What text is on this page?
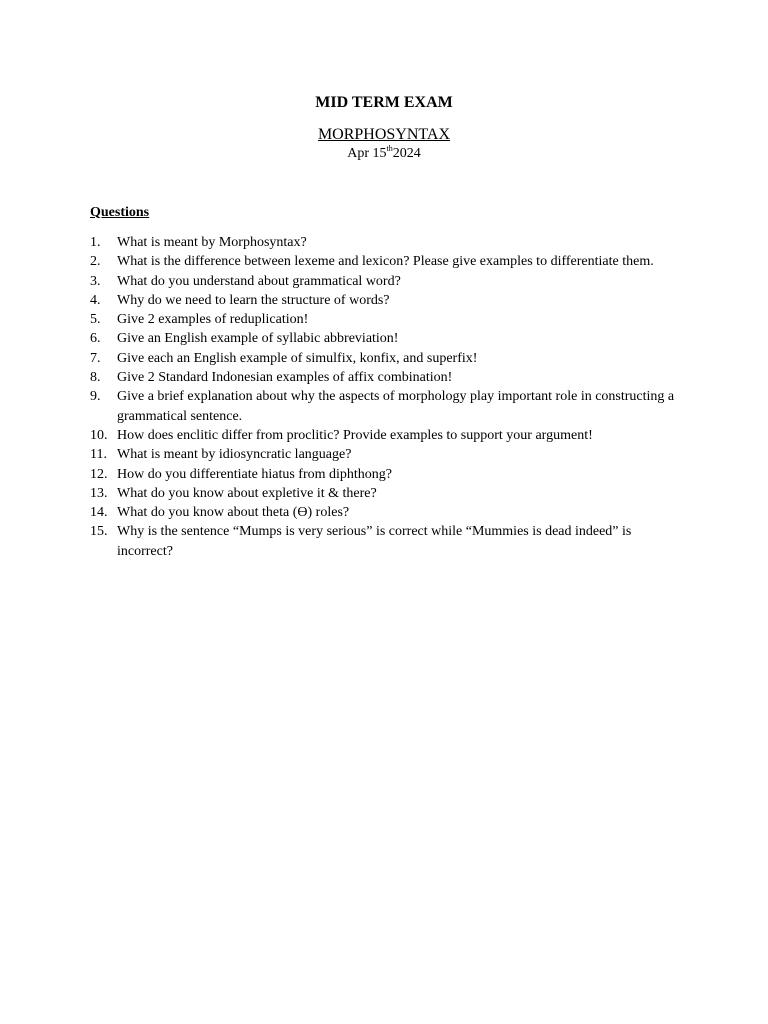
MID TERM EXAM
MORPHOSYNTAX
Apr 15th2024
Questions
1. What is meant by Morphosyntax?
2. What is the difference between lexeme and lexicon? Please give examples to differentiate them.
3. What do you understand about grammatical word?
4. Why do we need to learn the structure of words?
5. Give 2 examples of reduplication!
6. Give an English example of syllabic abbreviation!
7. Give each an English example of simulfix, konfix, and superfix!
8. Give 2 Standard Indonesian examples of affix combination!
9. Give a brief explanation about why the aspects of morphology play important role in constructing a grammatical sentence.
10. How does enclitic differ from proclitic? Provide examples to support your argument!
11. What is meant by idiosyncratic language?
12. How do you differentiate hiatus from diphthong?
13. What do you know about expletive it & there?
14. What do you know about theta (ϴ) roles?
15. Why is the sentence “Mumps is very serious” is correct while “Mummies is dead indeed” is incorrect?
